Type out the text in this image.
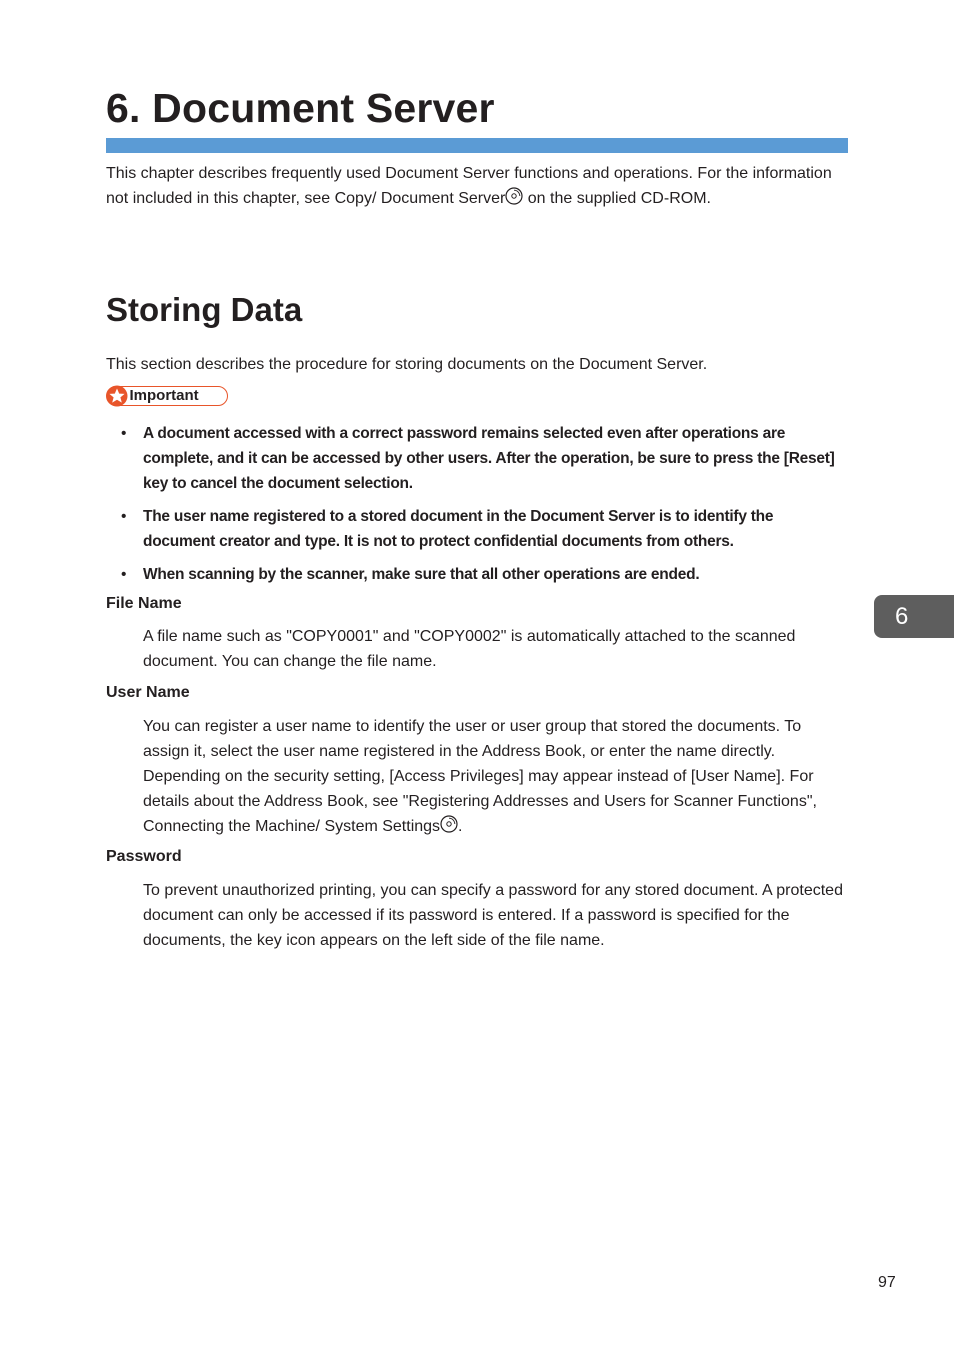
6. Document Server

This chapter describes frequently used Document Server functions and operations. For the information not included in this chapter, see Copy/ Document Server on the supplied CD-ROM.

Storing Data

This section describes the procedure for storing documents on the Document Server.

Important
• A document accessed with a correct password remains selected even after operations are complete, and it can be accessed by other users. After the operation, be sure to press the [Reset] key to cancel the document selection.
• The user name registered to a stored document in the Document Server is to identify the document creator and type. It is not to protect confidential documents from others.
• When scanning by the scanner, make sure that all other operations are ended.

File Name

A file name such as "COPY0001" and "COPY0002" is automatically attached to the scanned document. You can change the file name.

User Name

You can register a user name to identify the user or user group that stored the documents. To assign it, select the user name registered in the Address Book, or enter the name directly. Depending on the security setting, [Access Privileges] may appear instead of [User Name]. For details about the Address Book, see "Registering Addresses and Users for Scanner Functions", Connecting the Machine/ System Settings .

Password

To prevent unauthorized printing, you can specify a password for any stored document. A protected document can only be accessed if its password is entered. If a password is specified for the documents, the key icon appears on the left side of the file name.

6
97
